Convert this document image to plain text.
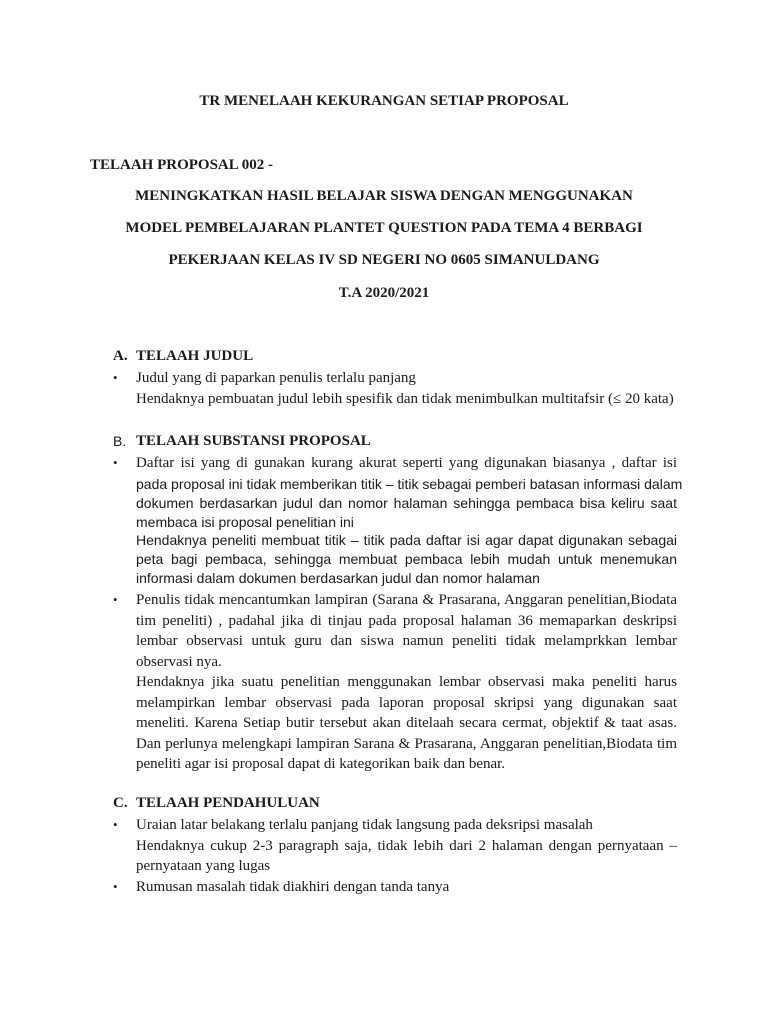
TR MENELAAH KEKURANGAN SETIAP PROPOSAL

TELAAH PROPOSAL 002 -

MENINGKATKAN HASIL BELAJAR SISWA DENGAN MENGGUNAKAN

MODEL PEMBELAJARAN PLANTET QUESTION PADA TEMA 4 BERBAGI

PEKERJAAN KELAS IV SD NEGERI NO 0605 SIMANULDANG

T.A 2020/2021

A. TELAAH JUDUL

• Judul yang di paparkan penulis terlalu panjang

Hendaknya pembuatan judul lebih spesifik dan tidak menimbulkan multitafsir (≤ 20 kata)

B. TELAAH SUBSTANSI PROPOSAL

• Daftar isi yang di gunakan kurang akurat seperti yang digunakan biasanya , daftar isi

pada proposal ini tidak memberikan titik – titik sebagai pemberi batasan informasi dalam

dokumen berdasarkan judul dan nomor halaman sehingga pembaca bisa keliru saat

membaca isi proposal penelitian ini

Hendaknya peneliti membuat titik – titik pada daftar isi agar dapat digunakan sebagai

peta bagi pembaca, sehingga membuat pembaca lebih mudah untuk menemukan

informasi dalam dokumen berdasarkan judul dan nomor halaman

• Penulis tidak mencantumkan lampiran (Sarana & Prasarana, Anggaran penelitian,Biodata

tim peneliti) , padahal jika di tinjau pada proposal halaman 36 memaparkan deskripsi

lembar observasi untuk guru dan siswa namun peneliti tidak melamprkkan lembar

observasi nya.

Hendaknya jika suatu penelitian menggunakan lembar observasi maka peneliti harus

melampirkan lembar observasi pada laporan proposal skripsi yang digunakan saat

meneliti. Karena Setiap butir tersebut akan ditelaah secara cermat, objektif & taat asas.

Dan perlunya melengkapi lampiran Sarana & Prasarana, Anggaran penelitian,Biodata tim

peneliti agar isi proposal dapat di kategorikan baik dan benar.

C. TELAAH PENDAHULUAN

• Uraian latar belakang terlalu panjang tidak langsung pada deksripsi masalah

Hendaknya cukup 2-3 paragraph saja, tidak lebih dari 2 halaman dengan pernyataan –

pernyataan yang lugas

• Rumusan masalah tidak diakhiri dengan tanda tanya
